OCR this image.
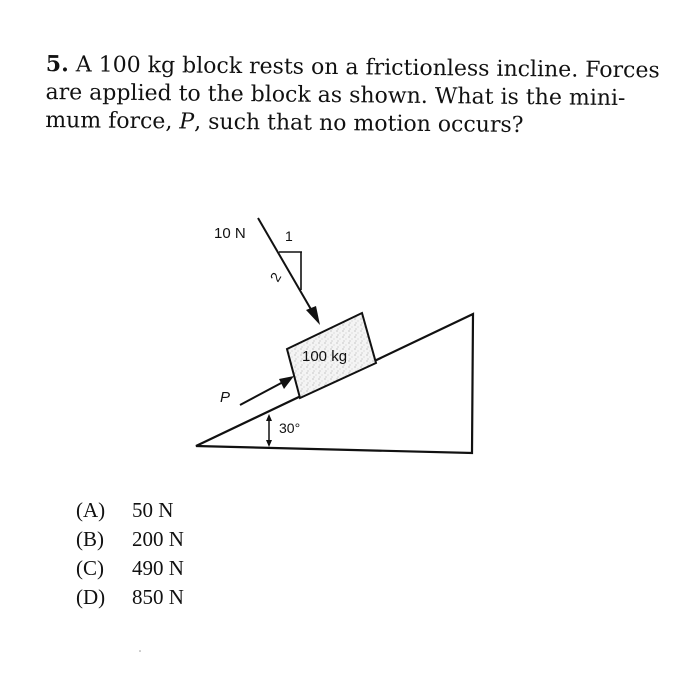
5. A 100 kg block rests on a frictionless incline. Forces
are applied to the block as shown. What is the mini-
mum force, P, such that no motion occurs?
100 kg
10 N	1
2
P
30°
(A)	50 N
(B)	200 N
(C)	490 N
(D)	850 N
